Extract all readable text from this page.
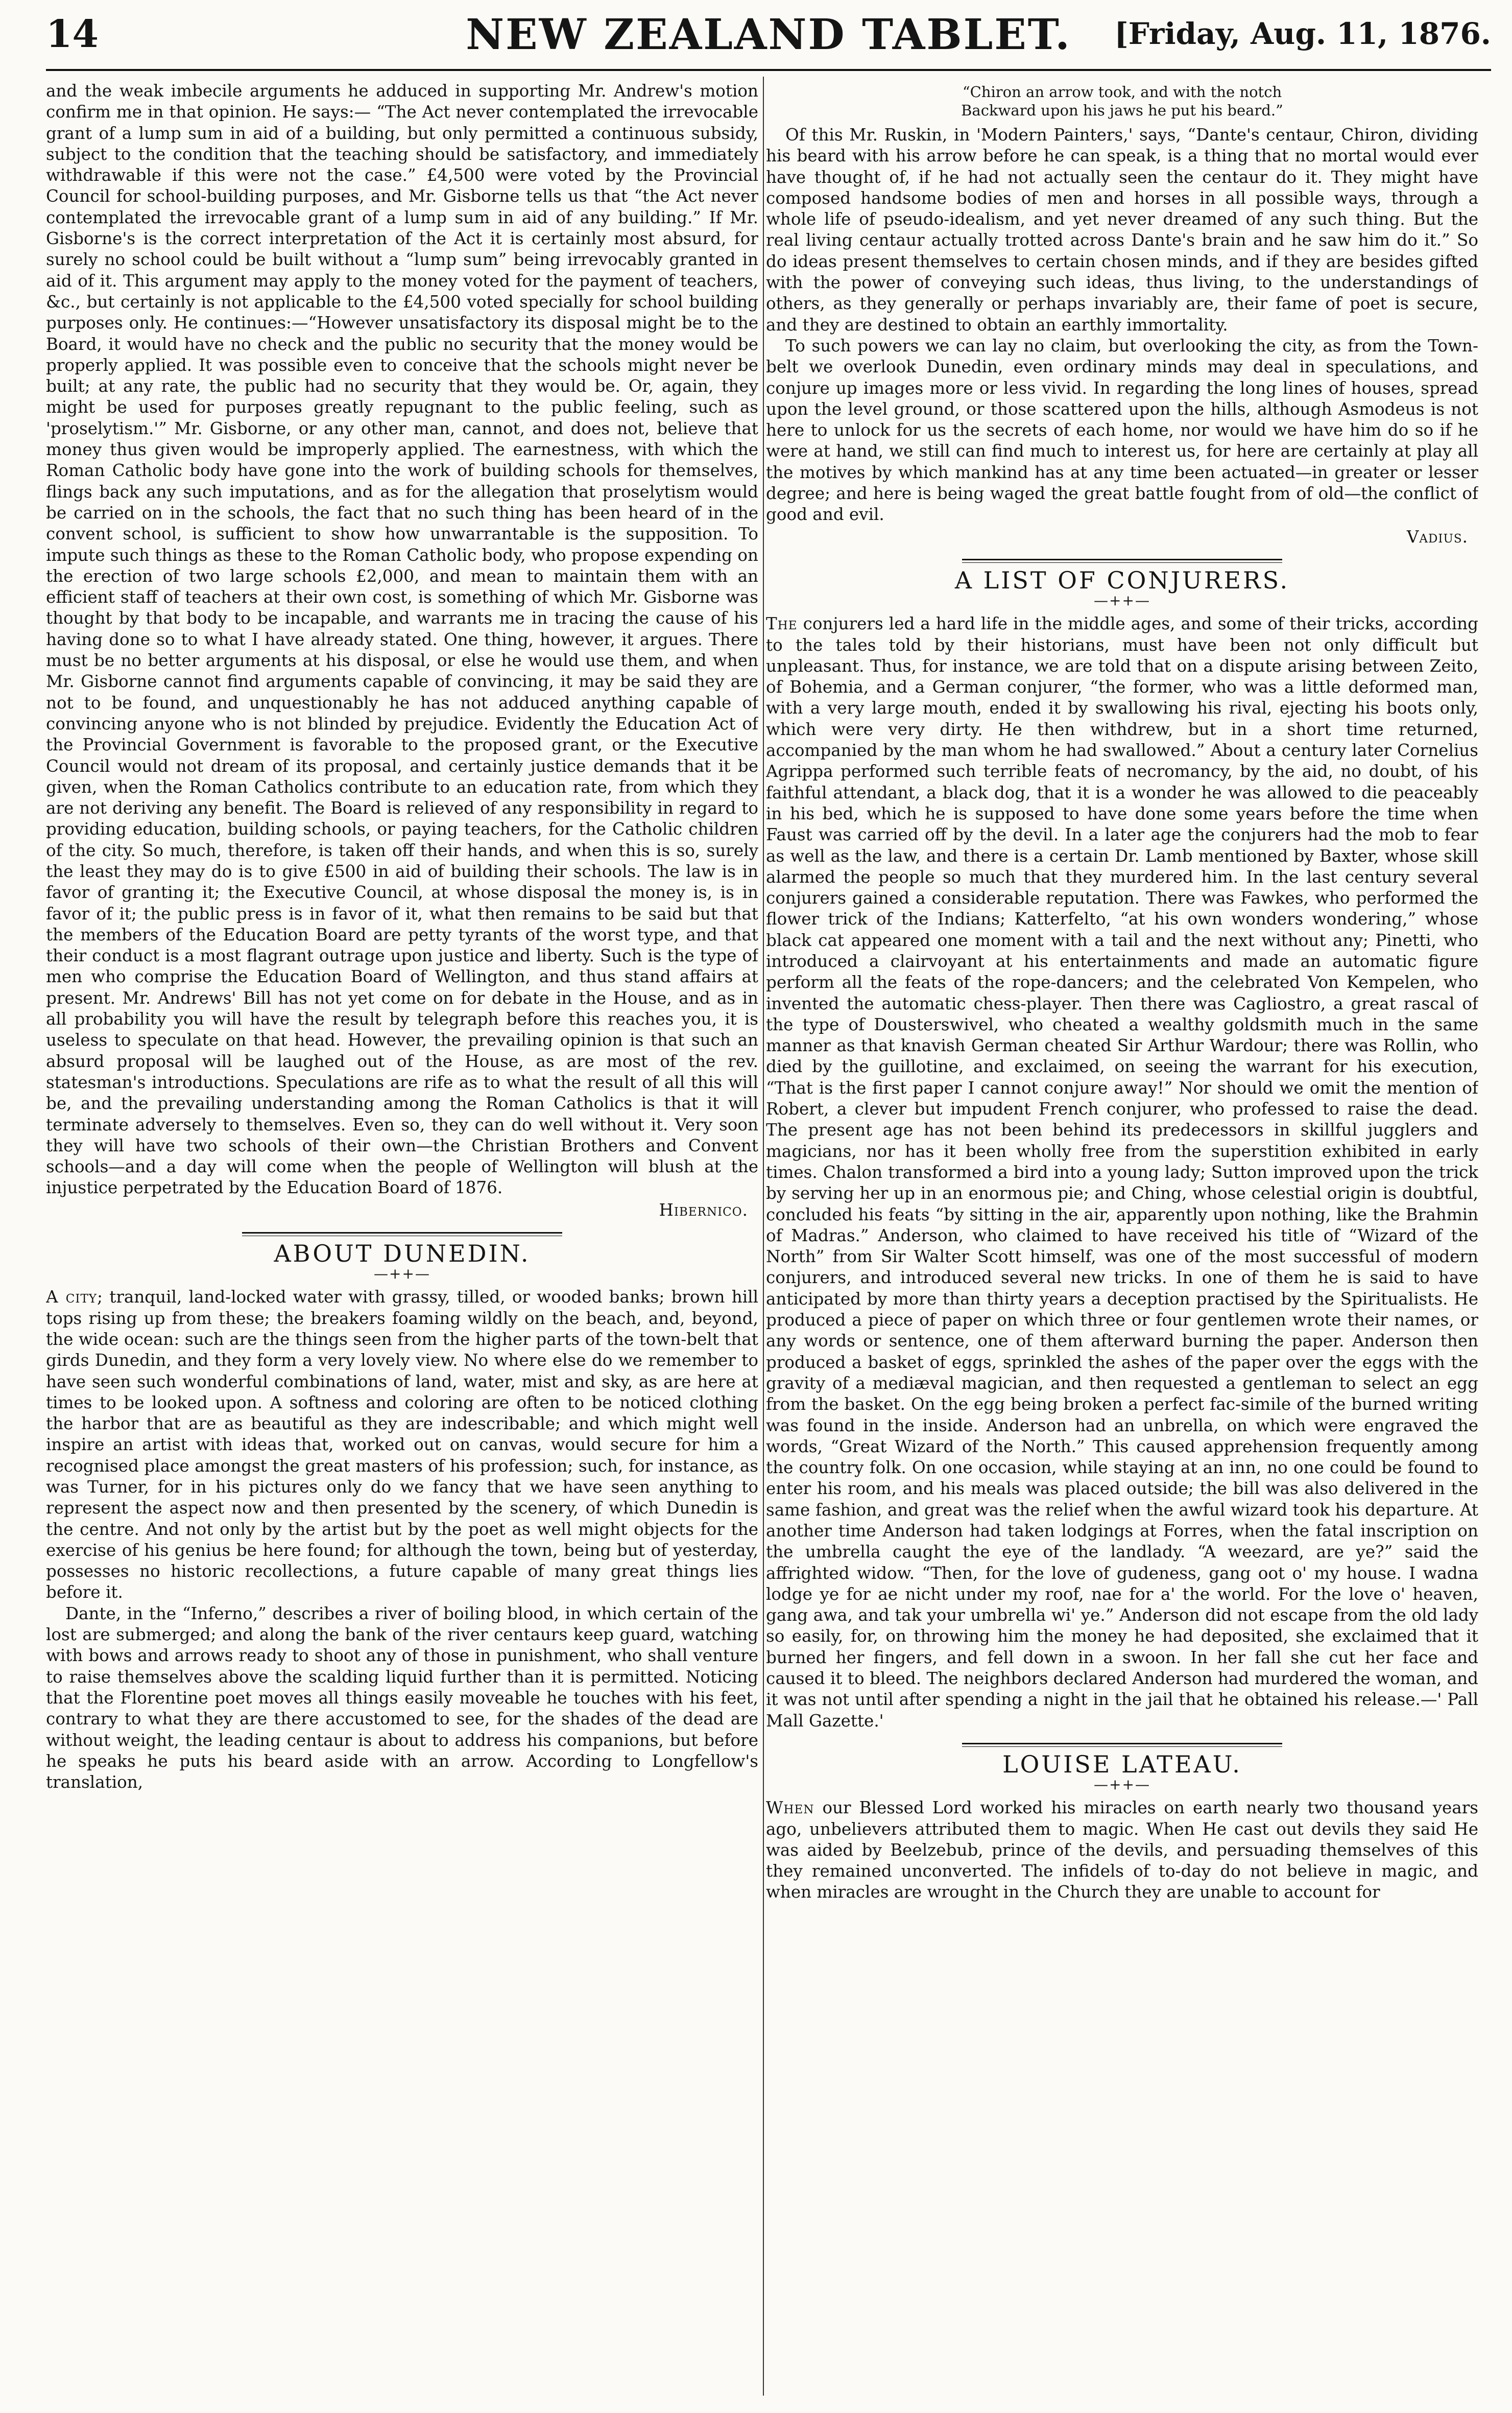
14	NEW ZEALAND TABLET.	[Friday, Aug. 11, 1876.

and the weak imbecile arguments he adduced in supporting Mr. Andrew's motion confirm me in that opinion. He says:— “The Act never contemplated the irrevocable grant of a lump sum in aid of a building, but only permitted a continuous subsidy, subject to the condition that the teaching should be satisfactory, and immediately withdrawable if this were not the case.” £4,500 were voted by the Provincial Council for school-building purposes, and Mr. Gisborne tells us that “the Act never contemplated the irrevocable grant of a lump sum in aid of any building.” If Mr. Gisborne's is the correct interpretation of the Act it is certainly most absurd, for surely no school could be built without a “lump sum” being irrevocably granted in aid of it. This argument may apply to the money voted for the payment of teachers, &c., but certainly is not applicable to the £4,500 voted specially for school building purposes only. He continues:—“However unsatisfactory its disposal might be to the Board, it would have no check and the public no security that the money would be properly applied. It was possible even to conceive that the schools might never be built; at any rate, the public had no security that they would be. Or, again, they might be used for purposes greatly repugnant to the public feeling, such as 'proselytism.'” Mr. Gisborne, or any other man, cannot, and does not, believe that money thus given would be improperly applied. The earnestness, with which the Roman Catholic body have gone into the work of building schools for themselves, flings back any such imputations, and as for the allegation that proselytism would be carried on in the schools, the fact that no such thing has been heard of in the convent school, is sufficient to show how unwarrantable is the supposition. To impute such things as these to the Roman Catholic body, who propose expending on the erection of two large schools £2,000, and mean to maintain them with an efficient staff of teachers at their own cost, is something of which Mr. Gisborne was thought by that body to be incapable, and warrants me in tracing the cause of his having done so to what I have already stated. One thing, however, it argues. There must be no better arguments at his disposal, or else he would use them, and when Mr. Gisborne cannot find arguments capable of convincing, it may be said they are not to be found, and unquestionably he has not adduced anything capable of convincing anyone who is not blinded by prejudice. Evidently the Education Act of the Provincial Government is favorable to the proposed grant, or the Executive Council would not dream of its proposal, and certainly justice demands that it be given, when the Roman Catholics contribute to an education rate, from which they are not deriving any benefit. The Board is relieved of any responsibility in regard to providing education, building schools, or paying teachers, for the Catholic children of the city. So much, therefore, is taken off their hands, and when this is so, surely the least they may do is to give £500 in aid of building their schools. The law is in favor of granting it; the Executive Council, at whose disposal the money is, is in favor of it; the public press is in favor of it, what then remains to be said but that the members of the Education Board are petty tyrants of the worst type, and that their conduct is a most flagrant outrage upon justice and liberty. Such is the type of men who comprise the Education Board of Wellington, and thus stand affairs at present. Mr. Andrews' Bill has not yet come on for debate in the House, and as in all probability you will have the result by telegraph before this reaches you, it is useless to speculate on that head. However, the prevailing opinion is that such an absurd proposal will be laughed out of the House, as are most of the rev. statesman's introductions. Speculations are rife as to what the result of all this will be, and the prevailing understanding among the Roman Catholics is that it will terminate adversely to themselves. Even so, they can do well without it. Very soon they will have two schools of their own—the Christian Brothers and Convent schools—and a day will come when the people of Wellington will blush at the injustice perpetrated by the Education Board of 1876.

Hibernico.

ABOUT DUNEDIN.
—++—

A city; tranquil, land-locked water with grassy, tilled, or wooded banks; brown hill tops rising up from these; the breakers foaming wildly on the beach, and, beyond, the wide ocean: such are the things seen from the higher parts of the town-belt that girds Dunedin, and they form a very lovely view. No where else do we remember to have seen such wonderful combinations of land, water, mist and sky, as are here at times to be looked upon. A softness and coloring are often to be noticed clothing the harbor that are as beautiful as they are indescribable; and which might well inspire an artist with ideas that, worked out on canvas, would secure for him a recognised place amongst the great masters of his profession; such, for instance, as was Turner, for in his pictures only do we fancy that we have seen anything to represent the aspect now and then presented by the scenery, of which Dunedin is the centre. And not only by the artist but by the poet as well might objects for the exercise of his genius be here found; for although the town, being but of yesterday, possesses no historic recollections, a future capable of many great things lies before it.

Dante, in the “Inferno,” describes a river of boiling blood, in which certain of the lost are submerged; and along the bank of the river centaurs keep guard, watching with bows and arrows ready to shoot any of those in punishment, who shall venture to raise themselves above the scalding liquid further than it is permitted. Noticing that the Florentine poet moves all things easily moveable he touches with his feet, contrary to what they are there accustomed to see, for the shades of the dead are without weight, the leading centaur is about to address his companions, but before he speaks he puts his beard aside with an arrow. According to Longfellow's translation,

“Chiron an arrow took, and with the notch
Backward upon his jaws he put his beard.”

Of this Mr. Ruskin, in 'Modern Painters,' says, “Dante's centaur, Chiron, dividing his beard with his arrow before he can speak, is a thing that no mortal would ever have thought of, if he had not actually seen the centaur do it. They might have composed handsome bodies of men and horses in all possible ways, through a whole life of pseudo-idealism, and yet never dreamed of any such thing. But the real living centaur actually trotted across Dante's brain and he saw him do it.” So do ideas present themselves to certain chosen minds, and if they are besides gifted with the power of conveying such ideas, thus living, to the understandings of others, as they generally or perhaps invariably are, their fame of poet is secure, and they are destined to obtain an earthly immortality.

To such powers we can lay no claim, but overlooking the city, as from the Town-belt we overlook Dunedin, even ordinary minds may deal in speculations, and conjure up images more or less vivid. In regarding the long lines of houses, spread upon the level ground, or those scattered upon the hills, although Asmodeus is not here to unlock for us the secrets of each home, nor would we have him do so if he were at hand, we still can find much to interest us, for here are certainly at play all the motives by which mankind has at any time been actuated—in greater or lesser degree; and here is being waged the great battle fought from of old—the conflict of good and evil.

Vadius.

A LIST OF CONJURERS.
—++—

The conjurers led a hard life in the middle ages, and some of their tricks, according to the tales told by their historians, must have been not only difficult but unpleasant. Thus, for instance, we are told that on a dispute arising between Zeito, of Bohemia, and a German conjurer, “the former, who was a little deformed man, with a very large mouth, ended it by swallowing his rival, ejecting his boots only, which were very dirty. He then withdrew, but in a short time returned, accompanied by the man whom he had swallowed.” About a century later Cornelius Agrippa performed such terrible feats of necromancy, by the aid, no doubt, of his faithful attendant, a black dog, that it is a wonder he was allowed to die peaceably in his bed, which he is supposed to have done some years before the time when Faust was carried off by the devil. In a later age the conjurers had the mob to fear as well as the law, and there is a certain Dr. Lamb mentioned by Baxter, whose skill alarmed the people so much that they murdered him. In the last century several conjurers gained a considerable reputation. There was Fawkes, who performed the flower trick of the Indians; Katterfelto, “at his own wonders wondering,” whose black cat appeared one moment with a tail and the next without any; Pinetti, who introduced a clairvoyant at his entertainments and made an automatic figure perform all the feats of the rope-dancers; and the celebrated Von Kempelen, who invented the automatic chess-player. Then there was Cagliostro, a great rascal of the type of Dousterswivel, who cheated a wealthy goldsmith much in the same manner as that knavish German cheated Sir Arthur Wardour; there was Rollin, who died by the guillotine, and exclaimed, on seeing the warrant for his execution, “That is the first paper I cannot conjure away!” Nor should we omit the mention of Robert, a clever but impudent French conjurer, who professed to raise the dead. The present age has not been behind its predecessors in skillful jugglers and magicians, nor has it been wholly free from the superstition exhibited in early times. Chalon transformed a bird into a young lady; Sutton improved upon the trick by serving her up in an enormous pie; and Ching, whose celestial origin is doubtful, concluded his feats “by sitting in the air, apparently upon nothing, like the Brahmin of Madras.” Anderson, who claimed to have received his title of “Wizard of the North” from Sir Walter Scott himself, was one of the most successful of modern conjurers, and introduced several new tricks. In one of them he is said to have anticipated by more than thirty years a deception practised by the Spiritualists. He produced a piece of paper on which three or four gentlemen wrote their names, or any words or sentence, one of them afterward burning the paper. Anderson then produced a basket of eggs, sprinkled the ashes of the paper over the eggs with the gravity of a mediæval magician, and then requested a gentleman to select an egg from the basket. On the egg being broken a perfect fac-simile of the burned writing was found in the inside. Anderson had an unbrella, on which were engraved the words, “Great Wizard of the North.” This caused apprehension frequently among the country folk. On one occasion, while staying at an inn, no one could be found to enter his room, and his meals was placed outside; the bill was also delivered in the same fashion, and great was the relief when the awful wizard took his departure. At another time Anderson had taken lodgings at Forres, when the fatal inscription on the umbrella caught the eye of the landlady. “A weezard, are ye?” said the affrighted widow. “Then, for the love of gudeness, gang oot o' my house. I wadna lodge ye for ae nicht under my roof, nae for a' the world. For the love o' heaven, gang awa, and tak your umbrella wi' ye.” Anderson did not escape from the old lady so easily, for, on throwing him the money he had deposited, she exclaimed that it burned her fingers, and fell down in a swoon. In her fall she cut her face and caused it to bleed. The neighbors declared Anderson had murdered the woman, and it was not until after spending a night in the jail that he obtained his release.—' Pall Mall Gazette.'

LOUISE LATEAU.
—++—

When our Blessed Lord worked his miracles on earth nearly two thousand years ago, unbelievers attributed them to magic. When He cast out devils they said He was aided by Beelzebub, prince of the devils, and persuading themselves of this they remained unconverted. The infidels of to-day do not believe in magic, and when miracles are wrought in the Church they are unable to account for
